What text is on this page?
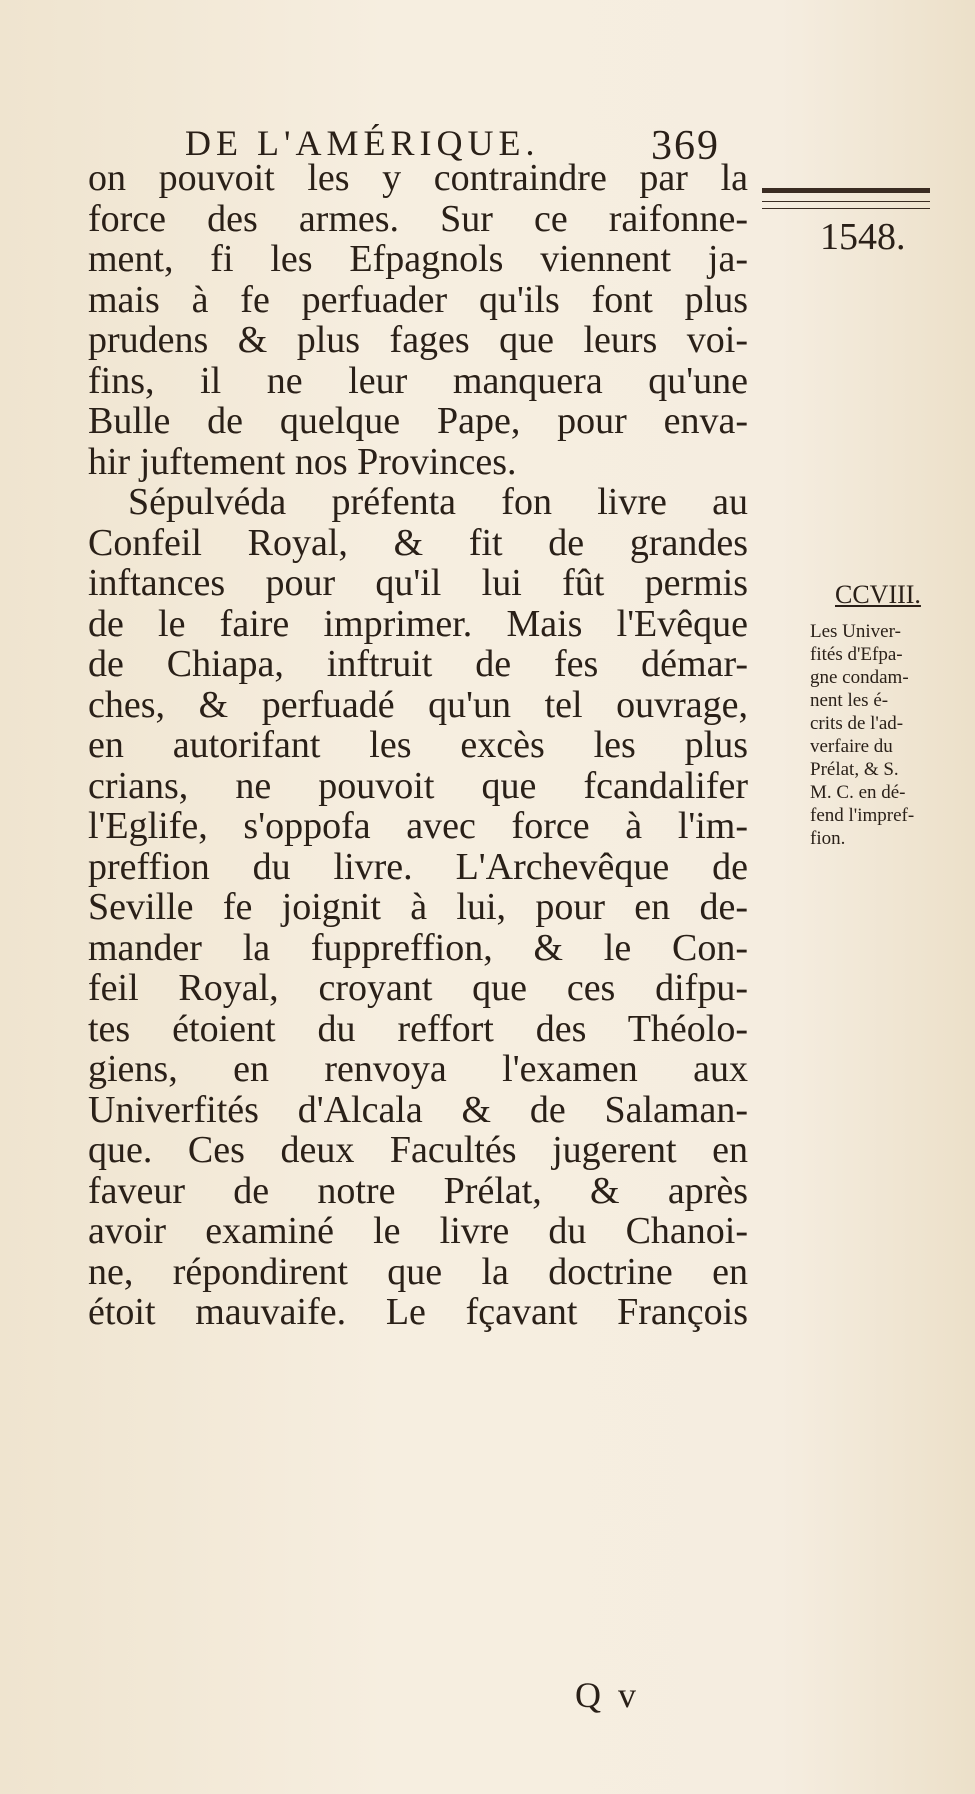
DE L'AMÉRIQUE.	369
1548.
on pouvoit les y contraindre par la
force des armes. Sur ce raifonne-
ment, fi les Efpagnols viennent ja-
mais à fe perfuader qu'ils font plus
prudens & plus fages que leurs voi-
fins, il ne leur manquera qu'une
Bulle de quelque Pape, pour enva-
hir juftement nos Provinces.
Sépulvéda préfenta fon livre au
Confeil Royal, & fit de grandes
inftances pour qu'il lui fût permis
de le faire imprimer. Mais l'Evêque
de Chiapa, inftruit de fes démar-
ches, & perfuadé qu'un tel ouvrage,
en autorifant les excès les plus
crians, ne pouvoit que fcandalifer
l'Eglife, s'oppofa avec force à l'im-
preffion du livre. L'Archevêque de
Seville fe joignit à lui, pour en de-
mander la fuppreffion, & le Con-
feil Royal, croyant que ces difpu-
tes étoient du reffort des Théolo-
giens, en renvoya l'examen aux
Univerfités d'Alcala & de Salaman-
que. Ces deux Facultés jugerent en
faveur de notre Prélat, & après
avoir examiné le livre du Chanoi-
ne, répondirent que la doctrine en
étoit mauvaife. Le fçavant François
CCVIII.
Les Univer-
fités d'Efpa-
gne condam-
nent les é-
crits de l'ad-
verfaire du
Prélat, & S.
M. C. en dé-
fend l'impref-
fion.
Q v
